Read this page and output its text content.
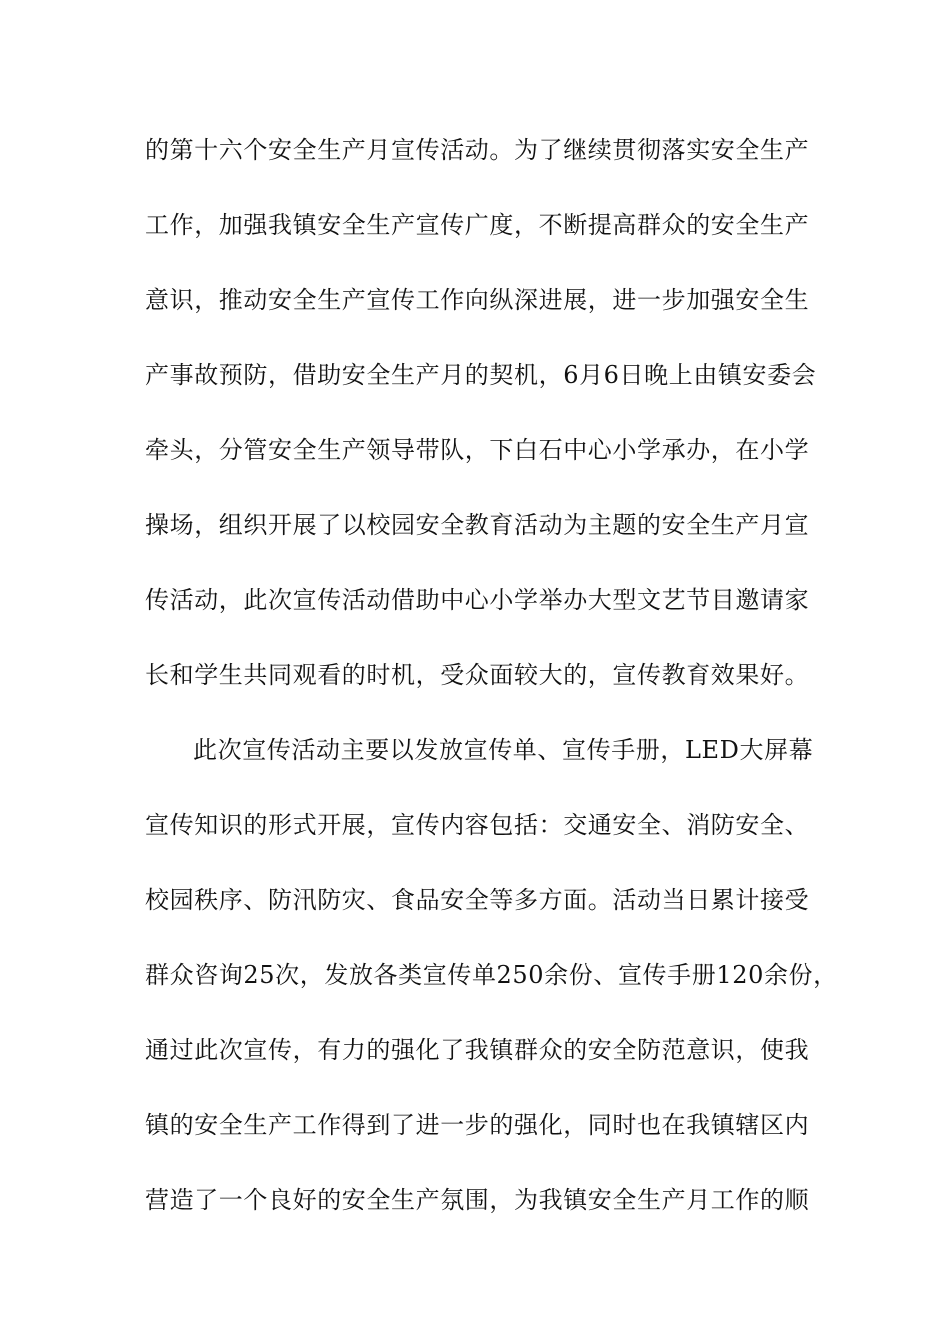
的第十六个安全生产月宣传活动。为了继续贯彻落实安全生产
工作，加强我镇安全生产宣传广度，不断提高群众的安全生产
意识，推动安全生产宣传工作向纵深进展，进一步加强安全生
产事故预防，借助安全生产月的契机，6月6日晚上由镇安委会
牵头，分管安全生产领导带队，下白石中心小学承办，在小学
操场，组织开展了以校园安全教育活动为主题的安全生产月宣
传活动，此次宣传活动借助中心小学举办大型文艺节目邀请家
长和学生共同观看的时机，受众面较大的，宣传教育效果好。
此次宣传活动主要以发放宣传单、宣传手册，LED大屏幕
宣传知识的形式开展，宣传内容包括：交通安全、消防安全、
校园秩序、防汛防灾、食品安全等多方面。活动当日累计接受
群众咨询25次，发放各类宣传单250余份、宣传手册120余份，
通过此次宣传，有力的强化了我镇群众的安全防范意识，使我
镇的安全生产工作得到了进一步的强化，同时也在我镇辖区内
营造了一个良好的安全生产氛围，为我镇安全生产月工作的顺
